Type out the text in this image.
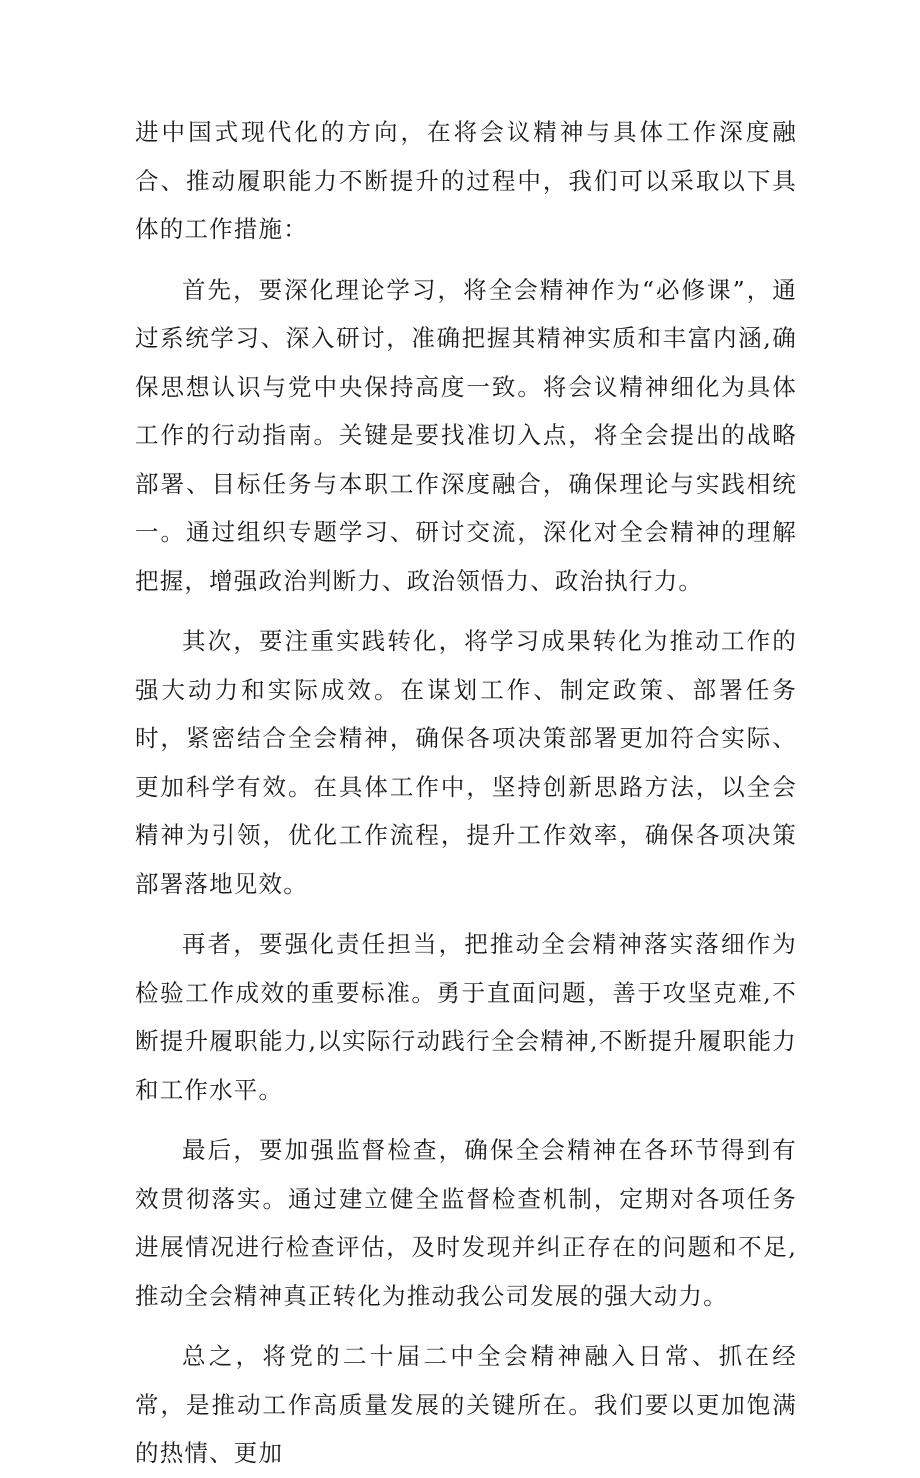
进中国式现代化的方向，在将会议精神与具体工作深度融合、推动履职能力不断提升的过程中，我们可以采取以下具体的工作措施：

首先，要深化理论学习，将全会精神作为“必修课”，通过系统学习、深入研讨，准确把握其精神实质和丰富内涵,确保思想认识与党中央保持高度一致。将会议精神细化为具体工作的行动指南。关键是要找准切入点，将全会提出的战略部署、目标任务与本职工作深度融合，确保理论与实践相统一。通过组织专题学习、研讨交流，深化对全会精神的理解把握，增强政治判断力、政治领悟力、政治执行力。

其次，要注重实践转化，将学习成果转化为推动工作的强大动力和实际成效。在谋划工作、制定政策、部署任务时，紧密结合全会精神，确保各项决策部署更加符合实际、更加科学有效。在具体工作中，坚持创新思路方法，以全会精神为引领，优化工作流程，提升工作效率，确保各项决策部署落地见效。

再者，要强化责任担当，把推动全会精神落实落细作为检验工作成效的重要标准。勇于直面问题，善于攻坚克难,不断提升履职能力,以实际行动践行全会精神,不断提升履职能力和工作水平。

最后，要加强监督检查，确保全会精神在各环节得到有效贯彻落实。通过建立健全监督检查机制，定期对各项任务进展情况进行检查评估，及时发现并纠正存在的问题和不足,推动全会精神真正转化为推动我公司发展的强大动力。

总之，将党的二十届二中全会精神融入日常、抓在经常，是推动工作高质量发展的关键所在。我们要以更加饱满的热情、更加
